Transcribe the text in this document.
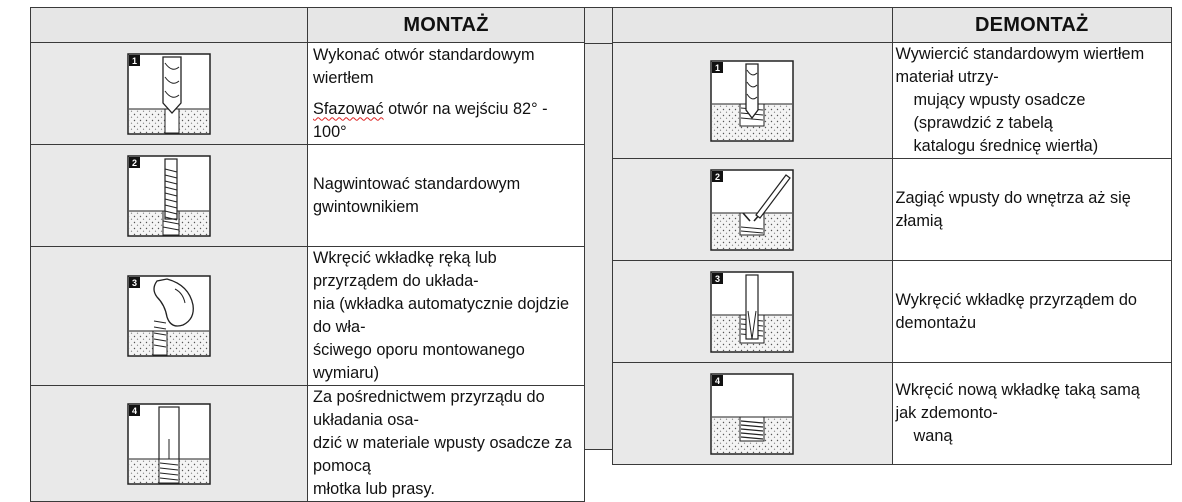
	MONTAŻ

1	Wykonać otwór standardowym wiertłem
Sfazować otwór na wejściu 82° - 100°

2	Nagwintować standardowym gwintownikiem

3	Wkręcić wkładkę ręką lub przyrządem do układa-
nia (wkładka automatycznie dojdzie do wła-
ściwego oporu montowanego wymiaru)

4	Za pośrednictwem przyrządu do układania osa-
dzić w materiale wpusty osadcze za pomocą
młotka lub prasy.
	DEMONTAŻ

1	Wywiercić standardowym wiertłem materiał utrzy-
mujący wpusty osadcze (sprawdzić z tabelą
katalogu średnicę wiertła)

2	Zagiąć wpusty do wnętrza aż się złamią

3	Wykręcić wkładkę przyrządem do demontażu

4	Wkręcić nową wkładkę taką samą jak zdemonto-
waną
